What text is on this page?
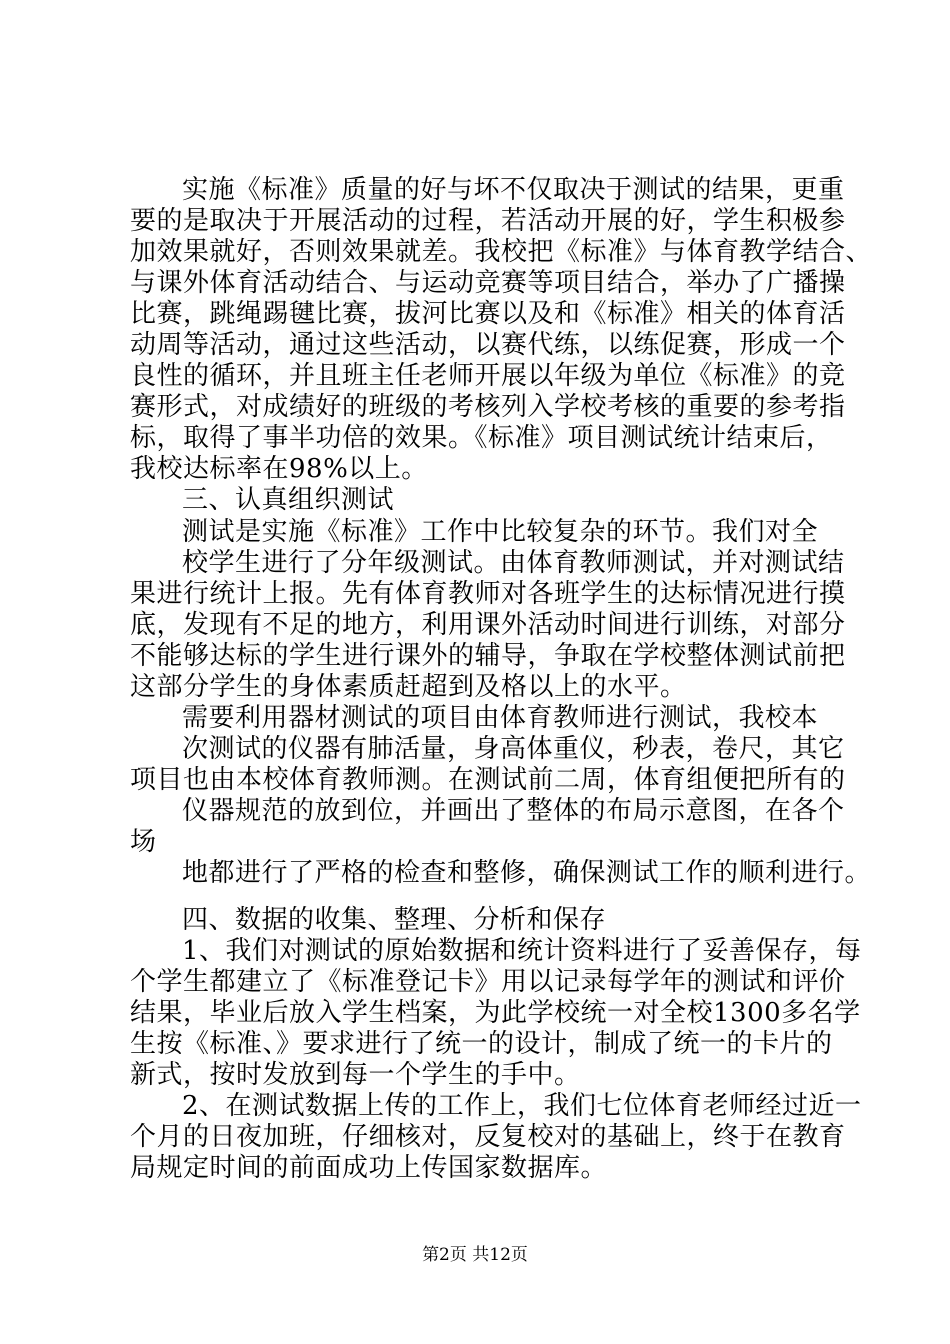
实施《标准》质量的好与坏不仅取决于测试的结果，更重
要的是取决于开展活动的过程，若活动开展的好，学生积极参
加效果就好，否则效果就差。我校把《标准》与体育教学结合、
与课外体育活动结合、与运动竞赛等项目结合，举办了广播操
比赛，跳绳踢毽比赛，拔河比赛以及和《标准》相关的体育活
动周等活动，通过这些活动，以赛代练，以练促赛，形成一个
良性的循环，并且班主任老师开展以年级为单位《标准》的竞
赛形式，对成绩好的班级的考核列入学校考核的重要的参考指
标，取得了事半功倍的效果。《标准》项目测试统计结束后，
我校达标率在98%以上。
三、认真组织测试
测试是实施《标准》工作中比较复杂的环节。我们对全
校学生进行了分年级测试。由体育教师测试，并对测试结
果进行统计上报。先有体育教师对各班学生的达标情况进行摸
底，发现有不足的地方，利用课外活动时间进行训练，对部分
不能够达标的学生进行课外的辅导，争取在学校整体测试前把
这部分学生的身体素质赶超到及格以上的水平。
需要利用器材测试的项目由体育教师进行测试，我校本
次测试的仪器有肺活量，身高体重仪，秒表，卷尺，其它
项目也由本校体育教师测。在测试前二周，体育组便把所有的
仪器规范的放到位，并画出了整体的布局示意图，在各个
场
地都进行了严格的检查和整修，确保测试工作的顺利进行。
四、数据的收集、整理、分析和保存
1、我们对测试的原始数据和统计资料进行了妥善保存，每
个学生都建立了《标准登记卡》用以记录每学年的测试和评价
结果，毕业后放入学生档案，为此学校统一对全校1300多名学
生按《标准、》要求进行了统一的设计，制成了统一的卡片的
新式，按时发放到每一个学生的手中。
2、在测试数据上传的工作上，我们七位体育老师经过近一
个月的日夜加班，仔细核对，反复校对的基础上，终于在教育
局规定时间的前面成功上传国家数据库。
第2页 共12页
